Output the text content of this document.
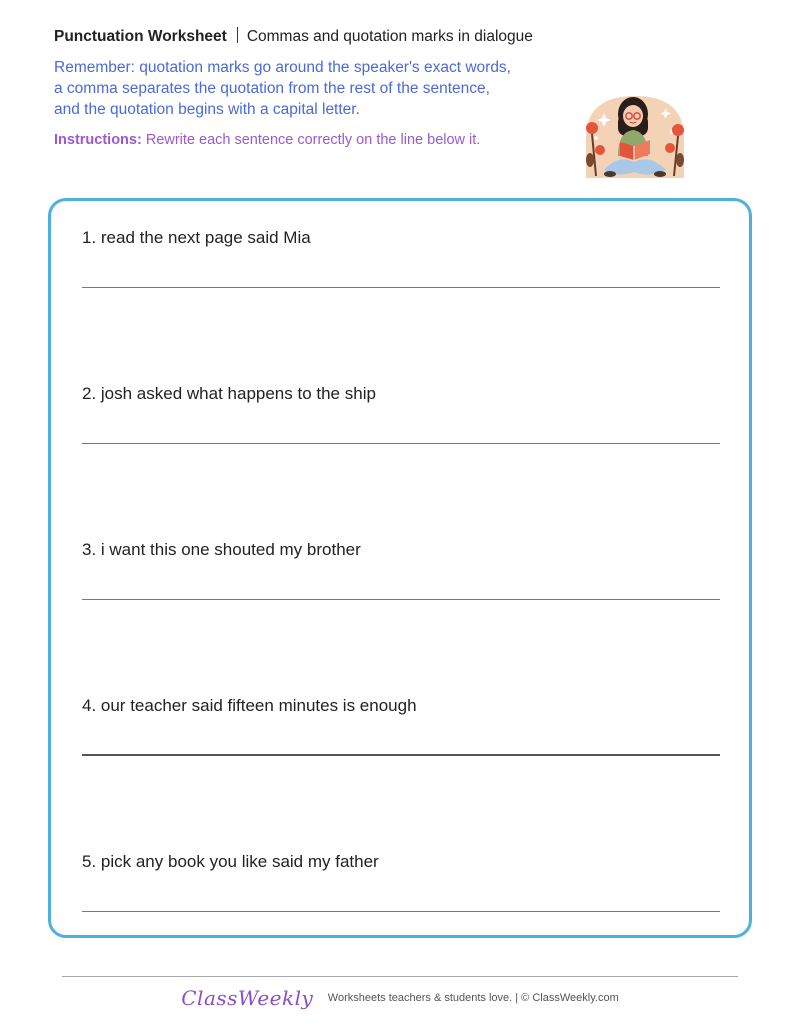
Punctuation Worksheet Commas and quotation marks in dialogue
Remember: quotation marks go around the speaker's exact words,
a comma separates the quotation from the rest of the sentence,
and the quotation begins with a capital letter.
Instructions: Rewrite each sentence correctly on the line below it.
1. read the next page said Mia
2. josh asked what happens to the ship
3. i want this one shouted my brother
4. our teacher said fifteen minutes is enough
5. pick any book you like said my father
ClassWeekly Worksheets teachers & students love. | © ClassWeekly.com
